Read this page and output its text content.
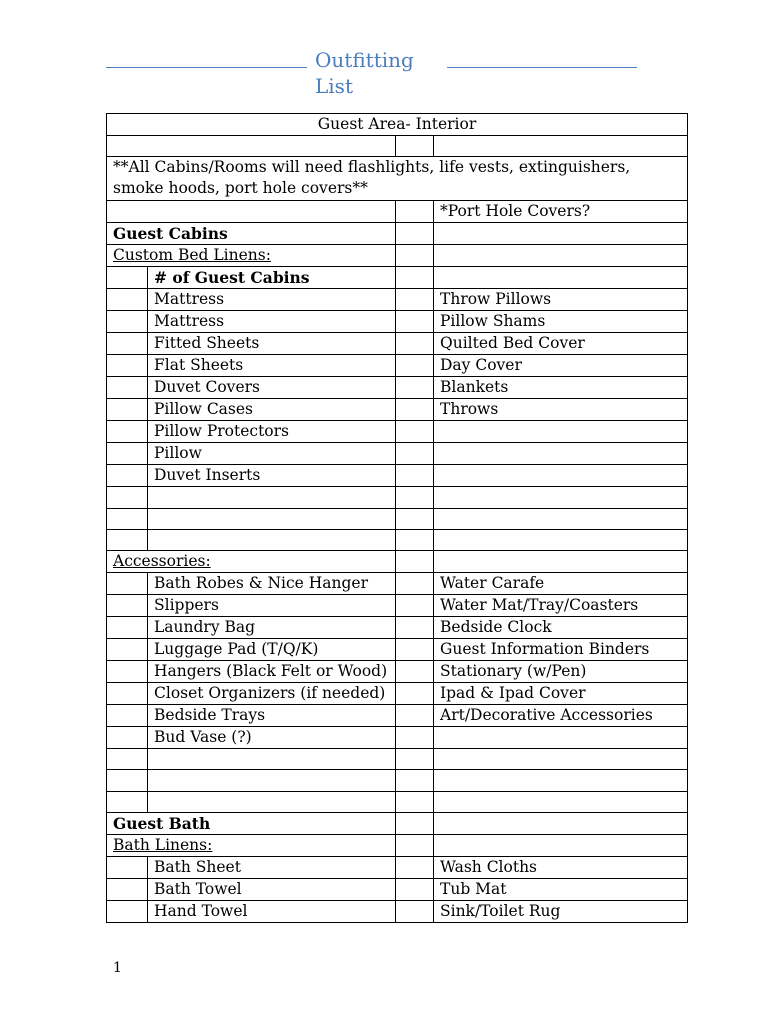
Outfitting List
Guest Area- Interior			

**All Cabins/Rooms will need flashlights, life vests, extinguishers, smoke hoods, port hole covers**			
			*Port Hole Covers?
Guest Cabins			
Custom Bed Linens:			
	# of Guest Cabins		
	Mattress		Throw Pillows
	Mattress		Pillow Shams
	Fitted Sheets		Quilted Bed Cover
	Flat Sheets		Day Cover
	Duvet Covers		Blankets
	Pillow Cases		Throws
	Pillow Protectors		
	Pillow		
	Duvet Inserts		

Accessories:			
	Bath Robes & Nice Hanger		Water Carafe
	Slippers		Water Mat/Tray/Coasters
	Laundry Bag		Bedside Clock
	Luggage Pad (T/Q/K)		Guest Information Binders
	Hangers (Black Felt or Wood)		Stationary (w/Pen)
	Closet Organizers (if needed)		Ipad & Ipad Cover
	Bedside Trays		Art/Decorative Accessories
	Bud Vase (?)		

Guest Bath			
Bath Linens:			
	Bath Sheet		Wash Cloths
	Bath Towel		Tub Mat
	Hand Towel		Sink/Toilet Rug
1
